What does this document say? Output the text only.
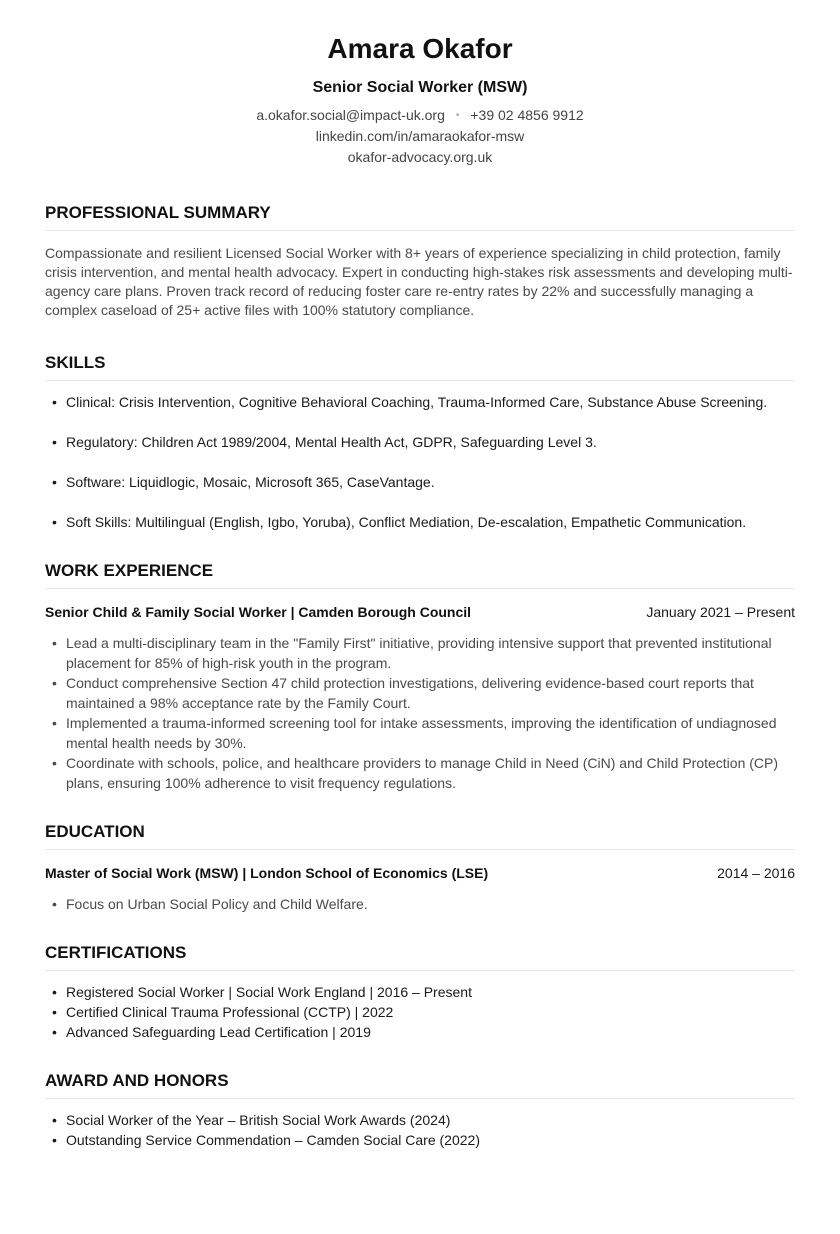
Amara Okafor
Senior Social Worker (MSW)
a.okafor.social@impact-uk.org • +39 02 4856 9912
linkedin.com/in/amaraokafor-msw
okafor-advocacy.org.uk
PROFESSIONAL SUMMARY

Compassionate and resilient Licensed Social Worker with 8+ years of experience specializing in child protection, family crisis intervention, and mental health advocacy. Expert in conducting high-stakes risk assessments and developing multi-agency care plans. Proven track record of reducing foster care re-entry rates by 22% and successfully managing a complex caseload of 25+ active files with 100% statutory compliance.

SKILLS
• Clinical: Crisis Intervention, Cognitive Behavioral Coaching, Trauma-Informed Care, Substance Abuse Screening.
• Regulatory: Children Act 1989/2004, Mental Health Act, GDPR, Safeguarding Level 3.
• Software: Liquidlogic, Mosaic, Microsoft 365, CaseVantage.
• Soft Skills: Multilingual (English, Igbo, Yoruba), Conflict Mediation, De-escalation, Empathetic Communication.
WORK EXPERIENCE
Senior Child & Family Social Worker | Camden Borough Council	January 2021 – Present
• Lead a multi-disciplinary team in the "Family First" initiative, providing intensive support that prevented institutional placement for 85% of high-risk youth in the program.
• Conduct comprehensive Section 47 child protection investigations, delivering evidence-based court reports that maintained a 98% acceptance rate by the Family Court.
• Implemented a trauma-informed screening tool for intake assessments, improving the identification of undiagnosed mental health needs by 30%.
• Coordinate with schools, police, and healthcare providers to manage Child in Need (CiN) and Child Protection (CP) plans, ensuring 100% adherence to visit frequency regulations.
EDUCATION
Master of Social Work (MSW) | London School of Economics (LSE)	2014 – 2016
• Focus on Urban Social Policy and Child Welfare.
CERTIFICATIONS
• Registered Social Worker | Social Work England | 2016 – Present
• Certified Clinical Trauma Professional (CCTP) | 2022
• Advanced Safeguarding Lead Certification | 2019
AWARD AND HONORS
• Social Worker of the Year – British Social Work Awards (2024)
• Outstanding Service Commendation – Camden Social Care (2022)
